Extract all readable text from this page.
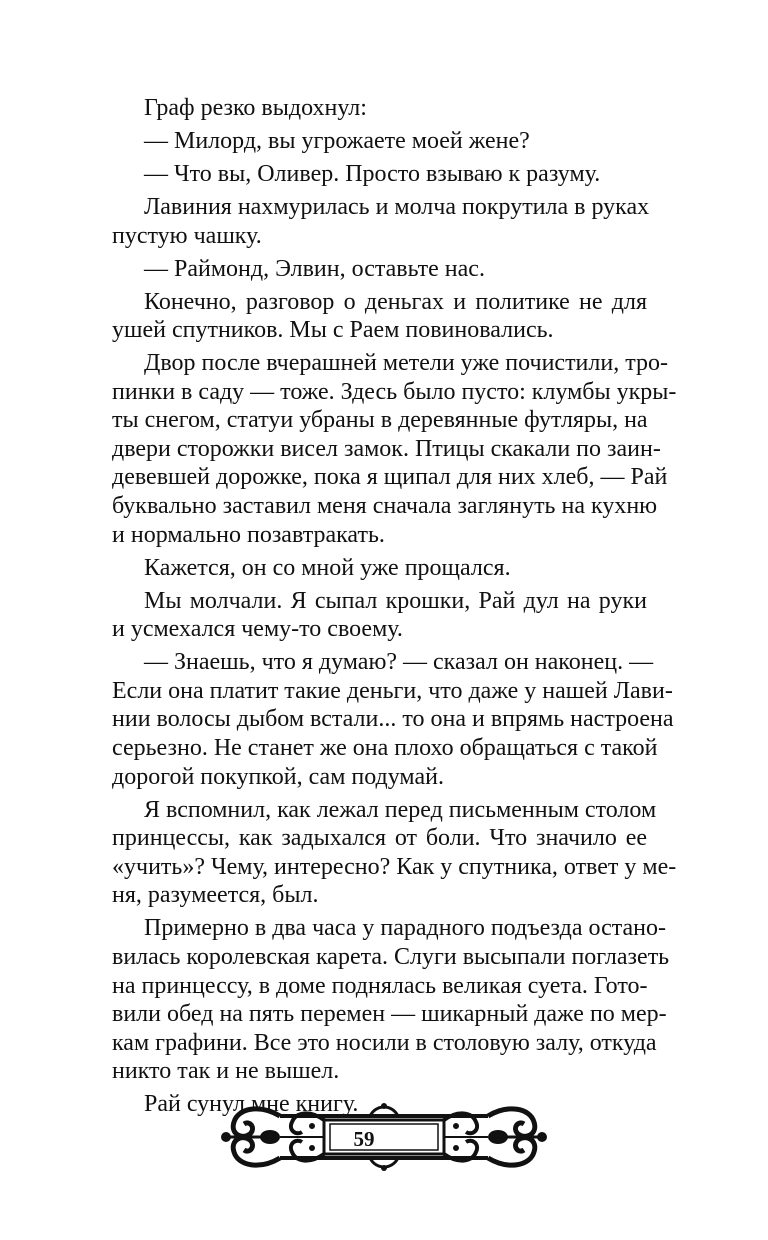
Граф резко выдохнул:
— Милорд, вы угрожаете моей жене?
— Что вы, Оливер. Просто взываю к разуму.
Лавиния нахмурилась и молча покрутила в руках
пустую чашку.
— Раймонд, Элвин, оставьте нас.
Конечно, разговор о деньгах и политике не для
ушей спутников. Мы с Раем повиновались.
Двор после вчерашней метели уже почистили, тро-
пинки в саду — тоже. Здесь было пусто: клумбы укры-
ты снегом, статуи убраны в деревянные футляры, на
двери сторожки висел замок. Птицы скакали по заин-
девевшей дорожке, пока я щипал для них хлеб, — Рай
буквально заставил меня сначала заглянуть на кухню
и нормально позавтракать.
Кажется, он со мной уже прощался.
Мы молчали. Я сыпал крошки, Рай дул на руки
и усмехался чему-то своему.
— Знаешь, что я думаю? — сказал он наконец. —
Если она платит такие деньги, что даже у нашей Лави-
нии волосы дыбом встали... то она и впрямь настроена
серьезно. Не станет же она плохо обращаться с такой
дорогой покупкой, сам подумай.
Я вспомнил, как лежал перед письменным столом
принцессы, как задыхался от боли. Что значило ее
«учить»? Чему, интересно? Как у спутника, ответ у ме-
ня, разумеется, был.
Примерно в два часа у парадного подъезда остано-
вилась королевская карета. Слуги высыпали поглазеть
на принцессу, в доме поднялась великая суета. Гото-
вили обед на пять перемен — шикарный даже по мер-
кам графини. Все это носили в столовую залу, откуда
никто так и не вышел.
Рай сунул мне книгу.
59
